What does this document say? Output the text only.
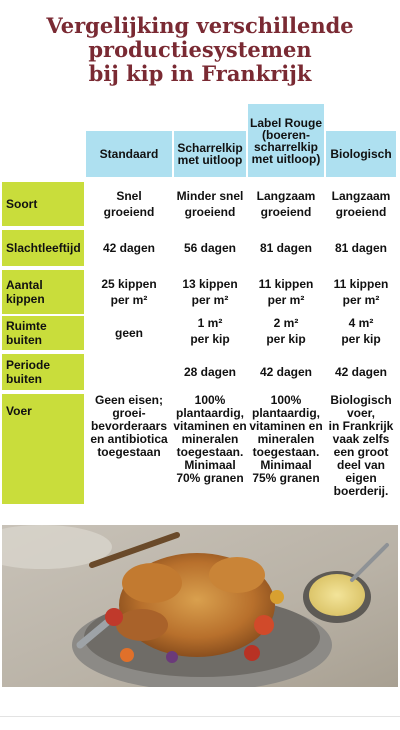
Vergelijking verschillende
productiesystemen
bij kip in Frankrijk
Standaard Scharrelkip
met uitloop
Label Rouge
(boeren-
scharrelkip
met uitloop) Biologisch
Soort
Slachtleeftijd
Aantal kippen
Ruimte buiten
Periode buiten
Voer
Snel
groeiend
Minder snel
groeiend
Langzaam
groeiend
Langzaam
groeiend
42 dagen 56 dagen 81 dagen 81 dagen
25 kippen
per m²
13 kippen
per m²
11 kippen
per m²
11 kippen
per m²
geen
1 m²
per kip
2 m²
per kip
4 m²
per kip
28 dagen 42 dagen 42 dagen
Geen eisen;
groei-
bevorderaars
en antibiotica
toegestaan
100%
plantaardig,
vitaminen en
mineralen
toegestaan.
Minimaal
70% granen
100%
plantaardig,
vitaminen en
mineralen
toegestaan.
Minimaal
75% granen
Biologisch
voer,
in Frankrijk
vaak zelfs
een groot
deel van
eigen
boerderij.
